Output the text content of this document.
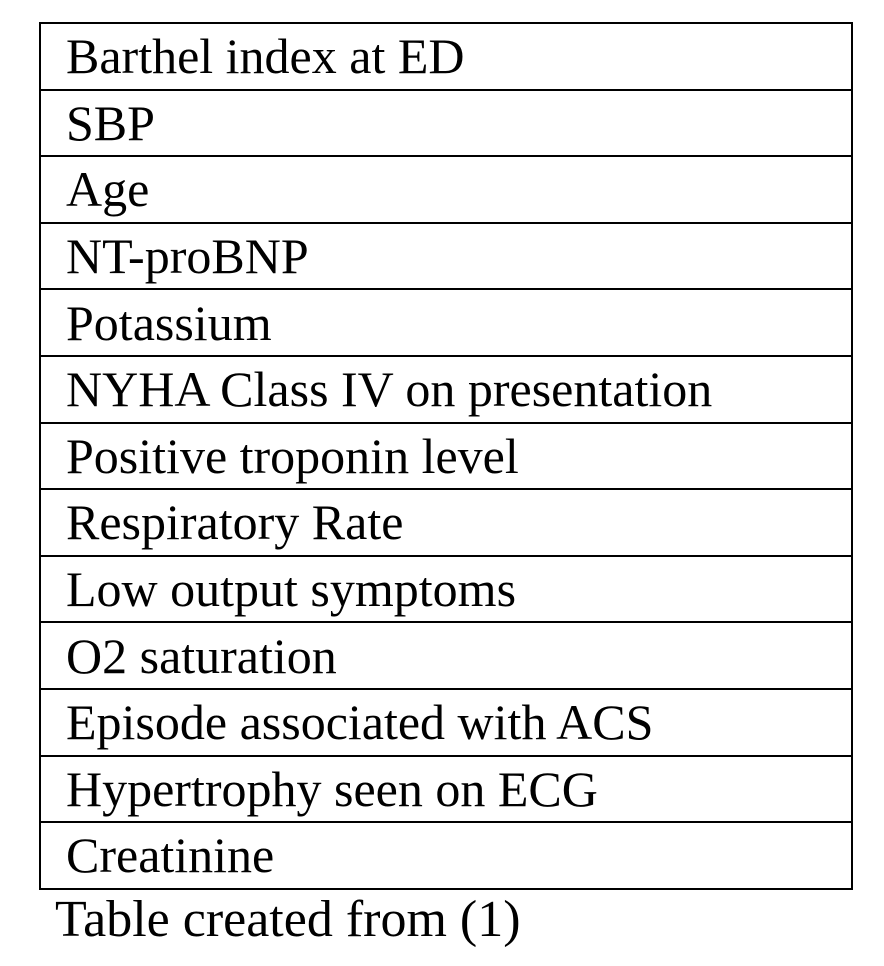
Barthel index at ED
SBP
Age
NT-proBNP
Potassium
NYHA Class IV on presentation
Positive troponin level
Respiratory Rate
Low output symptoms
O2 saturation
Episode associated with ACS
Hypertrophy seen on ECG
Creatinine
Table created from (1)
